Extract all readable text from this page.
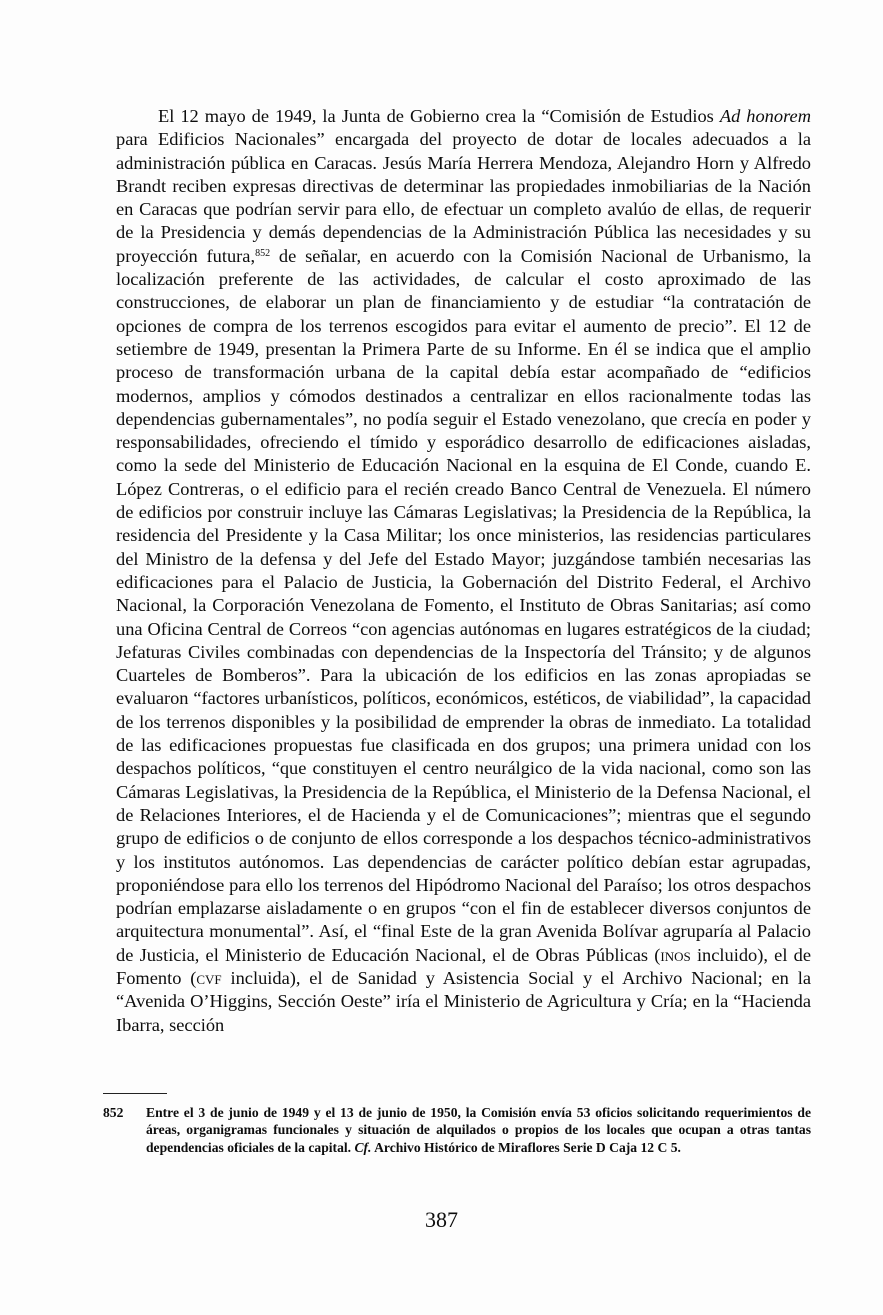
El 12 mayo de 1949, la Junta de Gobierno crea la “Comisión de Estudios Ad honorem para Edificios Nacionales” encargada del proyecto de dotar de locales adecuados a la administración pública en Caracas. Jesús María Herrera Mendoza, Alejandro Horn y Alfredo Brandt reciben expresas directivas de determinar las propiedades inmobiliarias de la Nación en Caracas que podrían servir para ello, de efectuar un completo avalúo de ellas, de requerir de la Presidencia y demás dependencias de la Administración Pública las necesidades y su proyección futura,$^{852}$ de señalar, en acuerdo con la Comisión Nacional de Urbanismo, la localización preferente de las actividades, de calcular el costo aproximado de las construcciones, de elaborar un plan de financiamiento y de estudiar “la contratación de opciones de compra de los terrenos escogidos para evitar el aumento de precio”. El 12 de setiembre de 1949, presentan la Primera Parte de su Informe. En él se indica que el amplio proceso de transformación urbana de la capital debía estar acompañado de “edificios modernos, amplios y cómodos destinados a centralizar en ellos racionalmente todas las dependencias gubernamentales”, no podía seguir el Estado venezolano, que crecía en poder y responsabilidades, ofreciendo el tímido y esporádico desarrollo de edificaciones aisladas, como la sede del Ministerio de Educación Nacional en la esquina de El Conde, cuando E. López Contreras, o el edificio para el recién creado Banco Central de Venezuela. El número de edificios por construir incluye las Cámaras Legislativas; la Presidencia de la República, la residencia del Presidente y la Casa Militar; los once ministerios, las residencias particulares del Ministro de la defensa y del Jefe del Estado Mayor; juzgándose también necesarias las edificaciones para el Palacio de Justicia, la Gobernación del Distrito Federal, el Archivo Nacional, la Corporación Venezolana de Fomento, el Instituto de Obras Sanitarias; así como una Oficina Central de Correos “con agencias autónomas en lugares estratégicos de la ciudad; Jefaturas Civiles combinadas con dependencias de la Inspectoría del Tránsito; y de algunos Cuarteles de Bomberos”. Para la ubicación de los edificios en las zonas apropiadas se evaluaron “factores urbanísticos, políticos, económicos, estéticos, de viabilidad”, la capacidad de los terrenos disponibles y la posibilidad de emprender la obras de inmediato. La totalidad de las edificaciones propuestas fue clasificada en dos grupos; una primera unidad con los despachos políticos, “que constituyen el centro neurálgico de la vida nacional, como son las Cámaras Legislativas, la Presidencia de la República, el Ministerio de la Defensa Nacional, el de Relaciones Interiores, el de Hacienda y el de Comunicaciones”; mientras que el segundo grupo de edificios o de conjunto de ellos corresponde a los despachos técnico-administrativos y los institutos autónomos. Las dependencias de carácter político debían estar agrupadas, proponiéndose para ello los terrenos del Hipódromo Nacional del Paraíso; los otros despachos podrían emplazarse aisladamente o en grupos “con el fin de establecer diversos conjuntos de arquitectura monumental”. Así, el “final Este de la gran Avenida Bolívar agruparía al Palacio de Justicia, el Ministerio de Educación Nacional, el de Obras Públicas (inos incluido), el de Fomento (cvf incluida), el de Sanidad y Asistencia Social y el Archivo Nacional; en la “Avenida O’Higgins, Sección Oeste” iría el Ministerio de Agricultura y Cría; en la “Hacienda Ibarra, sección

852	Entre el 3 de junio de 1949 y el 13 de junio de 1950, la Comisión envía 53 oficios solicitando requerimientos de áreas, organigramas funcionales y situación de alquilados o propios de los locales que ocupan a otras tantas dependencias oficiales de la capital. Cf. Archivo Histórico de Miraflores Serie D Caja 12 C 5.
387
